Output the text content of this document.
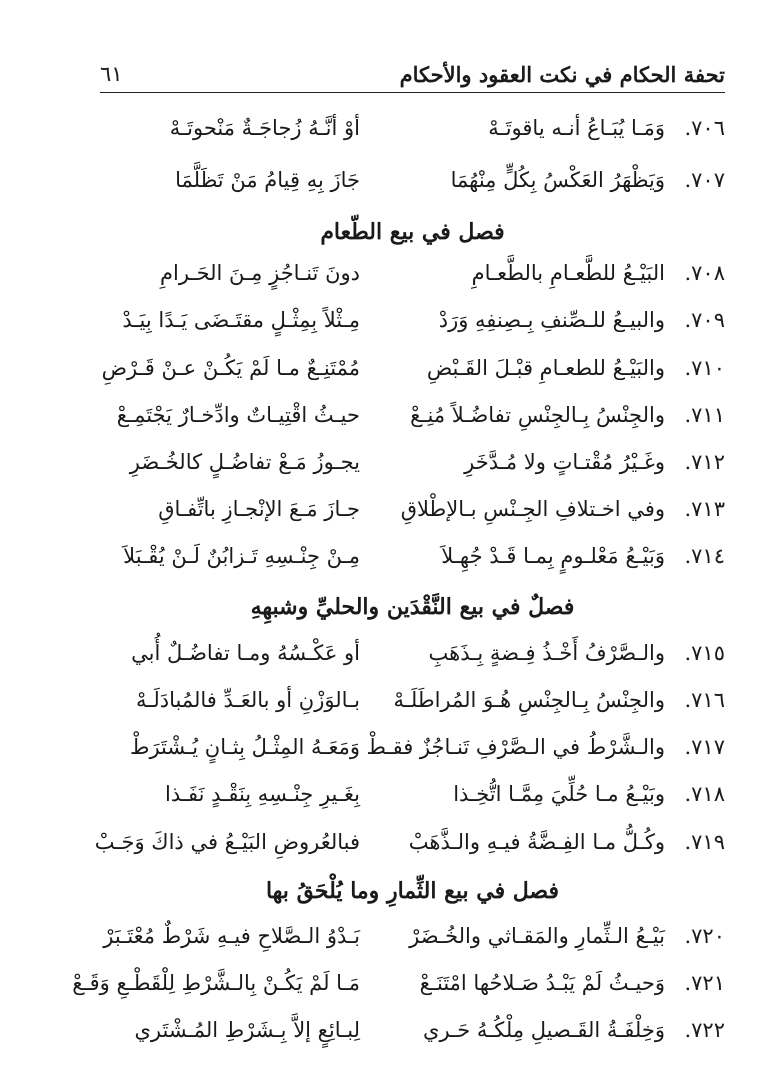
تحفة الحكام في نكت العقود والأحكام
٦١
٧٠٦.
وَمَـا يُبَـاعُ أنـه ياقوتَـهْ
أوْ أنَّـهُ زُجاجَـةٌ مَنْحوتَـهْ
٧٠٧.
وَيَظْهَرُ العَكْسُ بِكُلٍّ مِنْهُمَا
جَازَ بِهِ قِيامُ مَنْ تَظَلَّمَا
فصل في بيع الطّعام
٧٠٨.
البَيْـعُ للطَّعـامِ بالطَّعـامِ
دونَ تَنـاجُزٍ مِـنَ الحَـرامِ
٧٠٩.
والبيـعُ للـصِّنفِ بِـصِنفِهِ وَرَدْ
مِـثْلاً بِمِثْـلٍ مقتَـضَى يَـدًا بِيَـدْ
٧١٠.
والبَيْـعُ للطعـامِ قبْـلَ القَـبْضِ
مُمْتَنِـعٌ مـا لَمْ يَكُـنْ عـنْ قَـرْضِ
٧١١.
والجِنْسُ بِـالجِنْسِ تفاضُـلاً مُنِـعْ
حيـثُ اقْتِيـاتٌ وادِّخـارٌ يَجْتَمِـعْ
٧١٢.
وغَـيْرُ مُقْتـاتٍ ولا مُـدَّخَرِ
يجـوزُ مَـعْ تفاضُـلٍ كالخُـضَرِ
٧١٣.
وفي اخـتلافِ الجِـنْسِ بـالإطْلاقِ
جـازَ مَـعَ الإنْجـازِ باتِّفـاقِ
٧١٤.
وَبَيْـعُ مَعْلـومٍ بِمـا قَـدْ جُهِـلاَ
مِـنْ جِنْـسِهِ تَـزابُنٌ لَـنْ يُقْـبَلاَ
فصلٌ في بيع النَّقْدَين والحليِّ وشبهِهِ
٧١٥.
والـصَّرْفُ أَخْـذُ فِـضةٍ بِـذَهَبِ
أو عَكْـسُهُ ومـا تفاضُـلٌ أُبي
٧١٦.
والجِنْسُ بِـالجِنْسِ هُـوَ المُراطَلَـهْ
بـالوَزْنِ أو بالعَـدِّ فالمُبادَلَـهْ
٧١٧.
والـشَّرْطُ في الـصَّرْفِ تَنـاجُزٌ فقـطْ
وَمَعَـهُ المِثْـلُ بِثـانٍ يُـشْتَرَطْ
٧١٨.
وبَيْـعُ مـا حُلِّيَ مِمَّـا اتُّخِـذا
بِغَـيرِ جِنْـسِهِ بِنَقْـدٍ نَفَـذا
٧١٩.
وكُـلُّ مـا الفِـضَّةُ فيـهِ والـذَّهَبْ
فبالعُروضِ البَيْـعُ في ذاكَ وَجَـبْ
فصل في بيع الثِّمارِ وما يُلْحَقُ بها
٧٢٠.
بَيْـعُ الـثِّمارِ والمَقـاثي والخُـضَرْ
بَـدْوُ الـصَّلاحِ فيـهِ شَرْطٌ مُعْتَـبَرْ
٧٢١.
وَحيـثُ لَمْ يَبْـدُ صَـلاحُها امْتَنَـعْ
مَـا لَمْ يَكُـنْ بِالـشَّرْطِ لِلْقَطْـعِ وَقَـعْ
٧٢٢.
وَخِلْفَـةُ القَـصيلِ مِلْكُـهُ حَـري
لِبـائِعٍ إلاَّ بِـشَرْطِ المُـشْتَري
